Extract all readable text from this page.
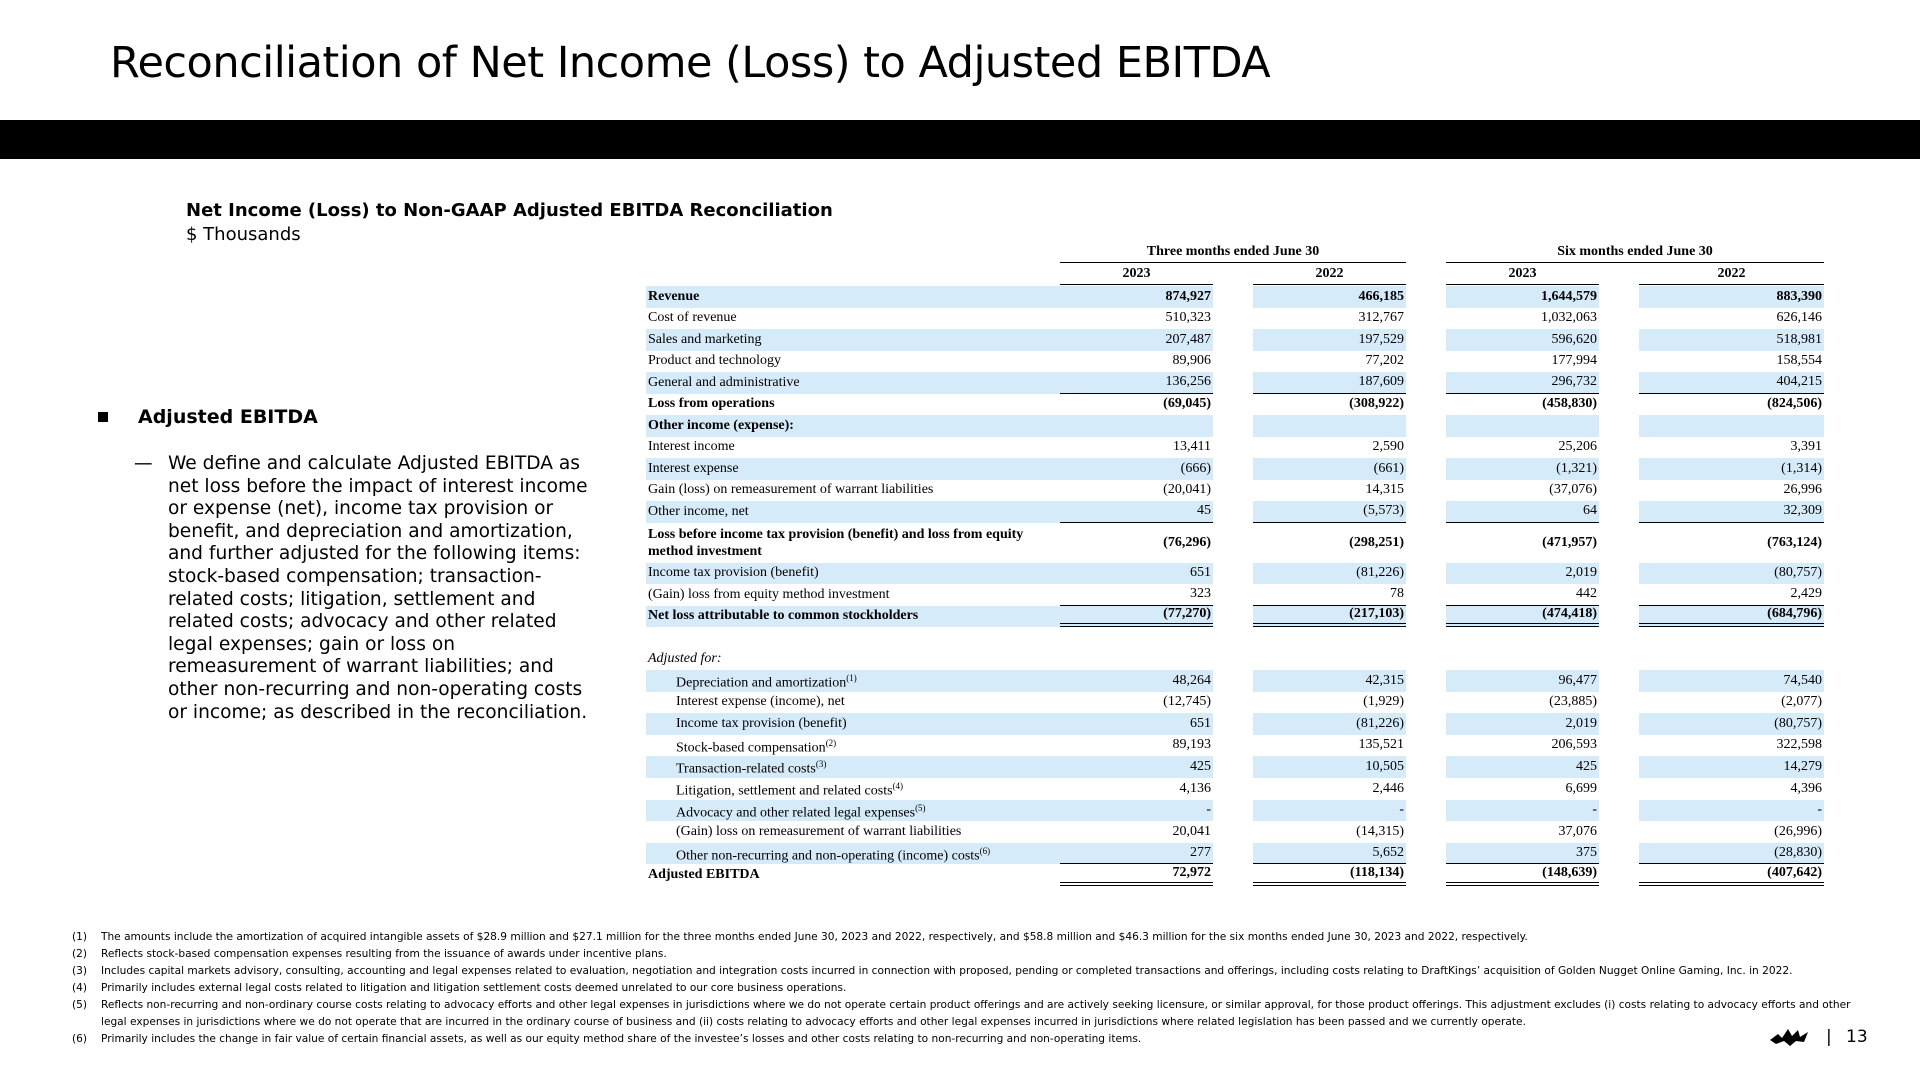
Reconciliation of Net Income (Loss) to Adjusted EBITDA
Net Income (Loss) to Non-GAAP Adjusted EBITDA Reconciliation
$ Thousands
Adjusted EBITDA
— We define and calculate Adjusted EBITDA as net loss before the impact of interest income or expense (net), income tax provision or benefit, and depreciation and amortization, and further adjusted for the following items: stock-based compensation; transaction-related costs; litigation, settlement and related costs; advocacy and other related legal expenses; gain or loss on remeasurement of warrant liabilities; and other non-recurring and non-operating costs or income; as described in the reconciliation.
Three months ended June 30	Six months ended June 30
2023	2022	2023	2022
Revenue	874,927		466,185		1,644,579		883,390
Cost of revenue	510,323		312,767		1,032,063		626,146
Sales and marketing	207,487		197,529		596,620		518,981
Product and technology	89,906		77,202		177,994		158,554
General and administrative	136,256		187,609		296,732		404,215
Loss from operations	(69,045)		(308,922)		(458,830)		(824,506)
Other income (expense):							
Interest income	13,411		2,590		25,206		3,391
Interest expense	(666)		(661)		(1,321)		(1,314)
Gain (loss) on remeasurement of warrant liabilities	(20,041)		14,315		(37,076)		26,996
Other income, net	45		(5,573)		64		32,309
Loss before income tax provision (benefit) and loss from equity method investment	(76,296)		(298,251)		(471,957)		(763,124)
Income tax provision (benefit)	651		(81,226)		2,019		(80,757)
(Gain) loss from equity method investment	323		78		442		2,429
Net loss attributable to common stockholders	(77,270)		(217,103)		(474,418)		(684,796)

Adjusted for:							
Depreciation and amortization$^{(1)}$	48,264		42,315		96,477		74,540
Interest expense (income), net	(12,745)		(1,929)		(23,885)		(2,077)
Income tax provision (benefit)	651		(81,226)		2,019		(80,757)
Stock-based compensation$^{(2)}$	89,193		135,521		206,593		322,598
Transaction-related costs$^{(3)}$	425		10,505		425		14,279
Litigation, settlement and related costs$^{(4)}$	4,136		2,446		6,699		4,396
Advocacy and other related legal expenses$^{(5)}$	-		-		-		-
(Gain) loss on remeasurement of warrant liabilities	20,041		(14,315)		37,076		(26,996)
Other non-recurring and non-operating (income) costs$^{(6)}$	277		5,652		375		(28,830)
Adjusted EBITDA	72,972		(118,134)		(148,639)		(407,642)
(1)	The amounts include the amortization of acquired intangible assets of $28.9 million and $27.1 million for the three months ended June 30, 2023 and 2022, respectively, and $58.8 million and $46.3 million for the six months ended June 30, 2023 and 2022, respectively.
(2)	Reflects stock-based compensation expenses resulting from the issuance of awards under incentive plans.
(3)	Includes capital markets advisory, consulting, accounting and legal expenses related to evaluation, negotiation and integration costs incurred in connection with proposed, pending or completed transactions and offerings, including costs relating to DraftKings’ acquisition of Golden Nugget Online Gaming, Inc. in 2022.
(4)	Primarily includes external legal costs related to litigation and litigation settlement costs deemed unrelated to our core business operations.
(5)	Reflects non-recurring and non-ordinary course costs relating to advocacy efforts and other legal expenses in jurisdictions where we do not operate certain product offerings and are actively seeking licensure, or similar approval, for those product offerings. This adjustment excludes (i) costs relating to advocacy efforts and other legal expenses in jurisdictions where we do not operate that are incurred in the ordinary course of business and (ii) costs relating to advocacy efforts and other legal expenses incurred in jurisdictions where related legislation has been passed and we currently operate.
(6)	Primarily includes the change in fair value of certain financial assets, as well as our equity method share of the investee’s losses and other costs relating to non-recurring and non-operating items.	| 13
